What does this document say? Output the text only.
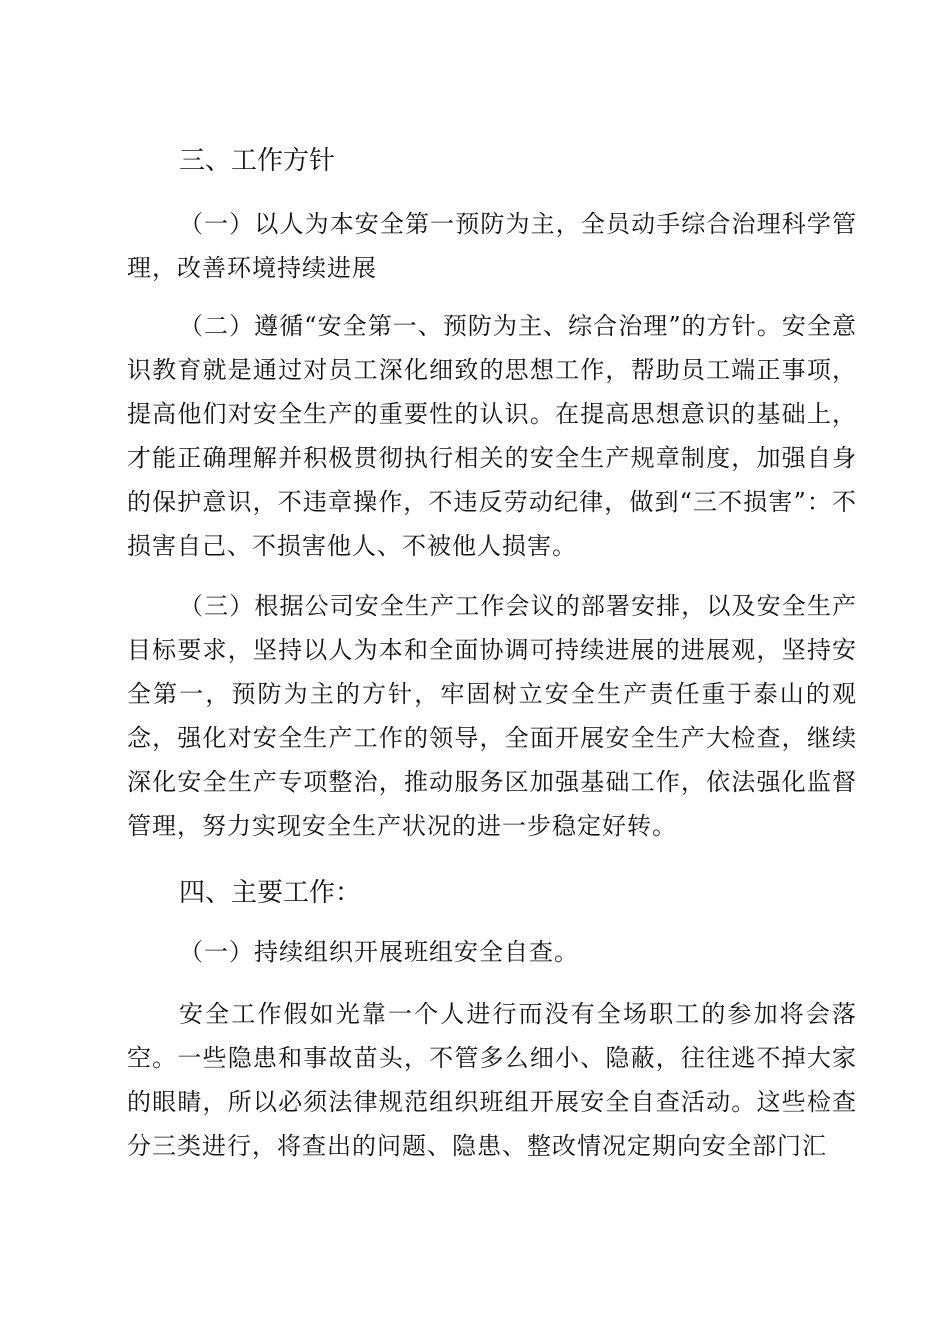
三、工作方针

（一）以人为本安全第一预防为主，全员动手综合治理科学管理，改善环境持续进展

（二）遵循“安全第一、预防为主、综合治理”的方针。安全意识教育就是通过对员工深化细致的思想工作，帮助员工端正事项，提高他们对安全生产的重要性的认识。在提高思想意识的基础上，才能正确理解并积极贯彻执行相关的安全生产规章制度，加强自身的保护意识，不违章操作，不违反劳动纪律，做到“三不损害”：不损害自己、不损害他人、不被他人损害。

（三）根据公司安全生产工作会议的部署安排，以及安全生产目标要求，坚持以人为本和全面协调可持续进展的进展观，坚持安全第一，预防为主的方针，牢固树立安全生产责任重于泰山的观念，强化对安全生产工作的领导，全面开展安全生产大检查，继续深化安全生产专项整治，推动服务区加强基础工作，依法强化监督管理，努力实现安全生产状况的进一步稳定好转。

四、主要工作：

（一）持续组织开展班组安全自查。

安全工作假如光靠一个人进行而没有全场职工的参加将会落空。一些隐患和事故苗头，不管多么细小、隐蔽，往往逃不掉大家的眼睛，所以必须法律规范组织班组开展安全自查活动。这些检查分三类进行，将查出的问题、隐患、整改情况定期向安全部门汇
